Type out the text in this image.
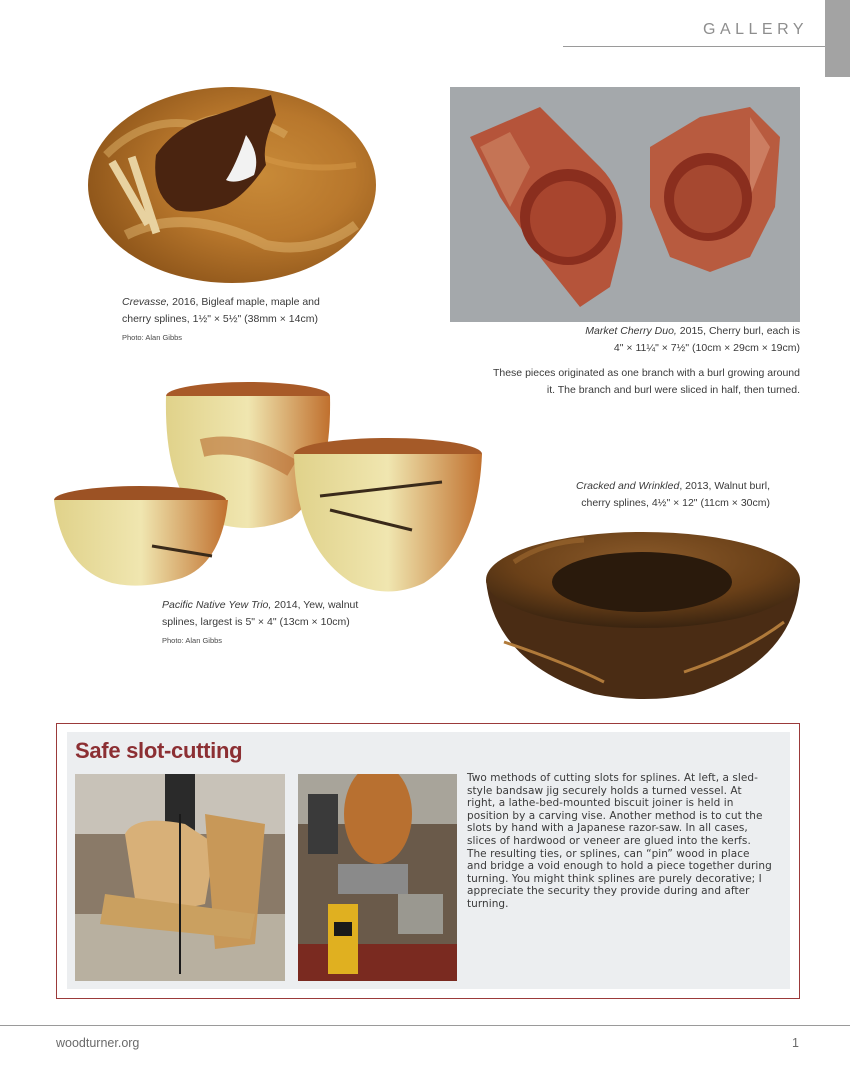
GALLERY
Crevasse, 2016, Bigleaf maple, maple and
cherry splines, 1½" × 5½" (38mm × 14cm)
Photo: Alan Gibbs
Market Cherry Duo, 2015, Cherry burl, each is
4" × 11¼" × 7½" (10cm × 29cm × 19cm)
These pieces originated as one branch with a burl growing around
it. The branch and burl were sliced in half, then turned.
Pacific Native Yew Trio, 2014, Yew, walnut
splines, largest is 5" × 4" (13cm × 10cm)
Photo: Alan Gibbs
Cracked and Wrinkled, 2013, Walnut burl,
cherry splines, 4½" × 12" (11cm × 30cm)
Safe slot-cutting
Two methods of cutting slots for splines. At left, a sled-style bandsaw jig securely holds a turned vessel. At right, a lathe-bed-mounted biscuit joiner is held in position by a carving vise. Another method is to cut the slots by hand with a Japanese razor-saw. In all cases, slices of hardwood or veneer are glued into the kerfs. The resulting ties, or splines, can “pin” wood in place and bridge a void enough to hold a piece together during turning. You might think splines are purely decorative; I appreciate the security they provide during and after turning.
woodturner.org	1
